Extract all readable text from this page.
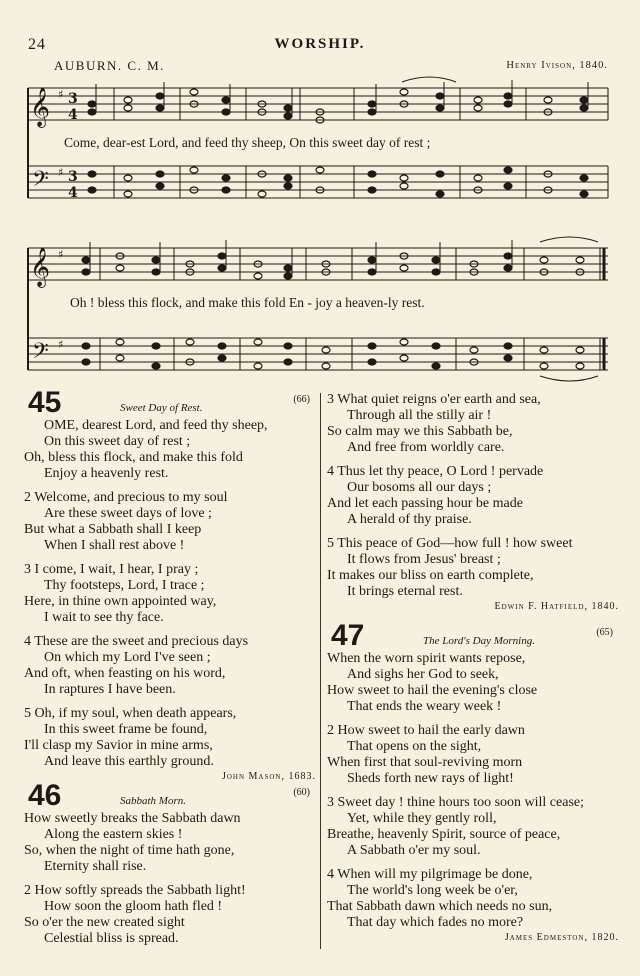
24	WORSHIP.
AUBURN. C. M.	Henry Ivison, 1840.
𝄞
𝄢
𝄞
𝄢
♯
♯
♯
♯
3
4
3
4
Come, dear-est Lord, and feed thy sheep, On this sweet day of rest ;
Oh ! bless this flock, and make this fold En - joy a heaven-ly rest.
45	Sweet Day of Rest.
(66)
OME, dearest Lord, and feed thy sheep,
On this sweet day of rest ;
Oh, bless this flock, and make this fold
Enjoy a heavenly rest.
2 Welcome, and precious to my soul
Are these sweet days of love ;
But what a Sabbath shall I keep
When I shall rest above !
3 I come, I wait, I hear, I pray ;
Thy footsteps, Lord, I trace ;
Here, in thine own appointed way,
I wait to see thy face.
4 These are the sweet and precious days
On which my Lord I've seen ;
And oft, when feasting on his word,
In raptures I have been.
5 Oh, if my soul, when death appears,
In this sweet frame be found,
I'll clasp my Savior in mine arms,
And leave this earthly ground.
John Mason, 1683.
46	Sabbath Morn.
(60)
How sweetly breaks the Sabbath dawn
Along the eastern skies !
So, when the night of time hath gone,
Eternity shall rise.
2 How softly spreads the Sabbath light!
How soon the gloom hath fled !
So o'er the new created sight
Celestial bliss is spread.
3 What quiet reigns o'er earth and sea,
Through all the stilly air !
So calm may we this Sabbath be,
And free from worldly care.
4 Thus let thy peace, O Lord ! pervade
Our bosoms all our days ;
And let each passing hour be made
A herald of thy praise.
5 This peace of God—how full ! how sweet
It flows from Jesus' breast ;
It makes our bliss on earth complete,
It brings eternal rest.
Edwin F. Hatfield, 1840.
47	The Lord's Day Morning.
(65)
When the worn spirit wants repose,
And sighs her God to seek,
How sweet to hail the evening's close
That ends the weary week !
2 How sweet to hail the early dawn
That opens on the sight,
When first that soul-reviving morn
Sheds forth new rays of light!
3 Sweet day ! thine hours too soon will cease;
Yet, while they gently roll,
Breathe, heavenly Spirit, source of peace,
A Sabbath o'er my soul.
4 When will my pilgrimage be done,
The world's long week be o'er,
That Sabbath dawn which needs no sun,
That day which fades no more?
James Edmeston, 1820.
